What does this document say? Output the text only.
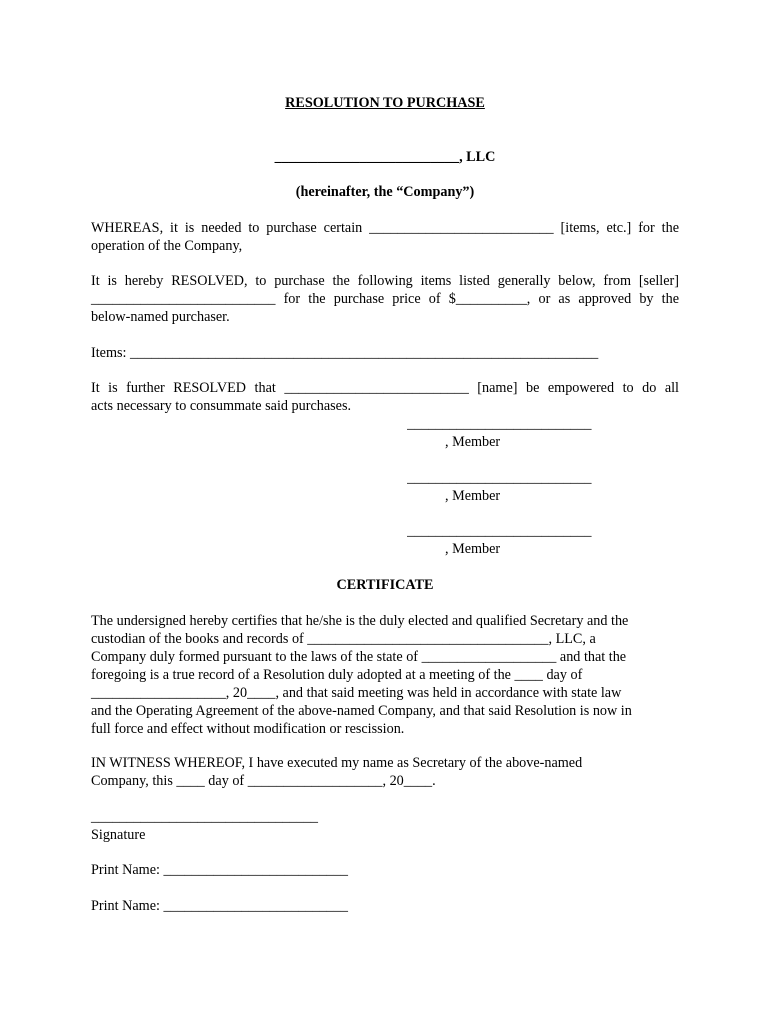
RESOLUTION TO PURCHASE

__________________________, LLC

(hereinafter, the “Company”)

WHEREAS, it is needed to purchase certain __________________________ [items, etc.] for the
operation of the Company,
It is hereby RESOLVED, to purchase the following items listed generally below, from [seller]
__________________________ for the purchase price of $__________, or as approved by the
below-named purchaser.
Items: __________________________________________________________________
It is further RESOLVED that __________________________ [name] be empowered to do all
acts necessary to consummate said purchases.
__________________________
, Member
__________________________
, Member
__________________________
, Member

CERTIFICATE

The undersigned hereby certifies that he/she is the duly elected and qualified Secretary and the
custodian of the books and records of __________________________________, LLC, a
Company duly formed pursuant to the laws of the state of ___________________ and that the
foregoing is a true record of a Resolution duly adopted at a meeting of the ____ day of
___________________, 20____, and that said meeting was held in accordance with state law
and the Operating Agreement of the above-named Company, and that said Resolution is now in
full force and effect without modification or rescission.
IN WITNESS WHEREOF, I have executed my name as Secretary of the above-named
Company, this ____ day of ___________________, 20____.
________________________________
Signature
Print Name: __________________________
Print Name: __________________________
